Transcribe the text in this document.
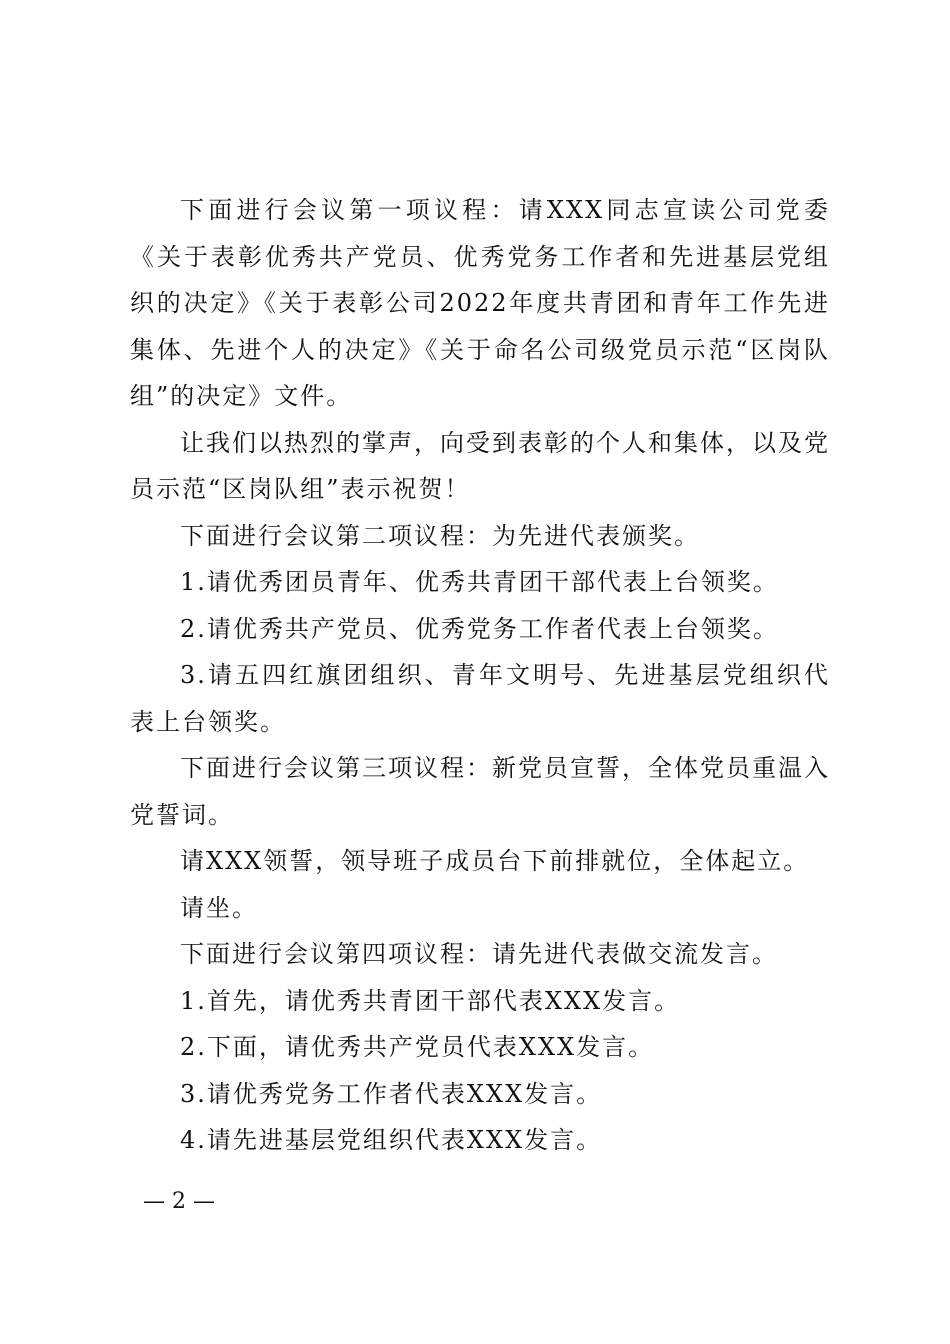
下面进行会议第一项议程：请XXX同志宣读公司党委《关于表彰优秀共产党员、优秀党务工作者和先进基层党组织的决定》《关于表彰公司2022年度共青团和青年工作先进集体、先进个人的决定》《关于命名公司级党员示范“区岗队组”的决定》文件。

让我们以热烈的掌声，向受到表彰的个人和集体，以及党员示范“区岗队组”表示祝贺！

下面进行会议第二项议程：为先进代表颁奖。

1.请优秀团员青年、优秀共青团干部代表上台领奖。

2.请优秀共产党员、优秀党务工作者代表上台领奖。

3.请五四红旗团组织、青年文明号、先进基层党组织代表上台领奖。

下面进行会议第三项议程：新党员宣誓，全体党员重温入党誓词。

请XXX领誓，领导班子成员台下前排就位，全体起立。

请坐。

下面进行会议第四项议程：请先进代表做交流发言。

1.首先，请优秀共青团干部代表XXX发言。

2.下面，请优秀共产党员代表XXX发言。

3.请优秀党务工作者代表XXX发言。

4.请先进基层党组织代表XXX发言。

— 2 —
